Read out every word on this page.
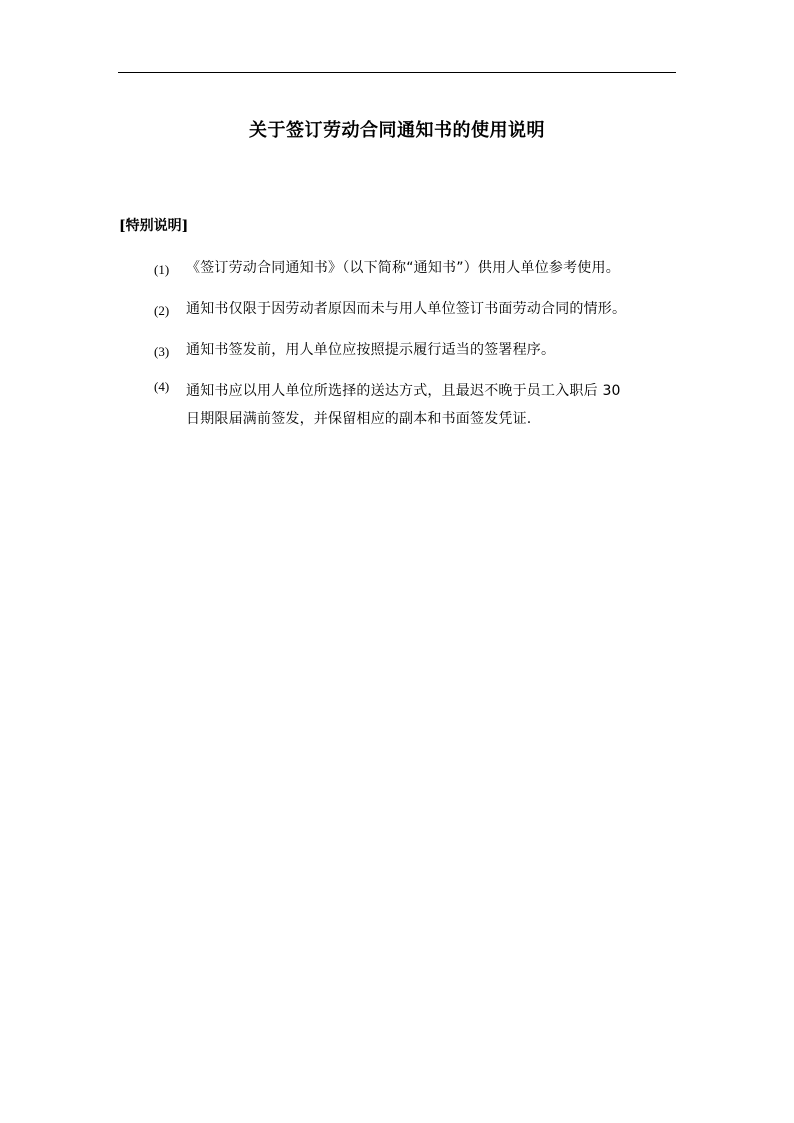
关于签订劳动合同通知书的使用说明
[特别说明]
(1) 《签订劳动合同通知书》（以下简称“通知书”）供用人单位参考使用。
(2) 通知书仅限于因劳动者原因而未与用人单位签订书面劳动合同的情形。
(3) 通知书签发前，用人单位应按照提示履行适当的签署程序。
(4) 通知书应以用人单位所选择的送达方式，且最迟不晚于员工入职后 30
日期限届满前签发，并保留相应的副本和书面签发凭证.
